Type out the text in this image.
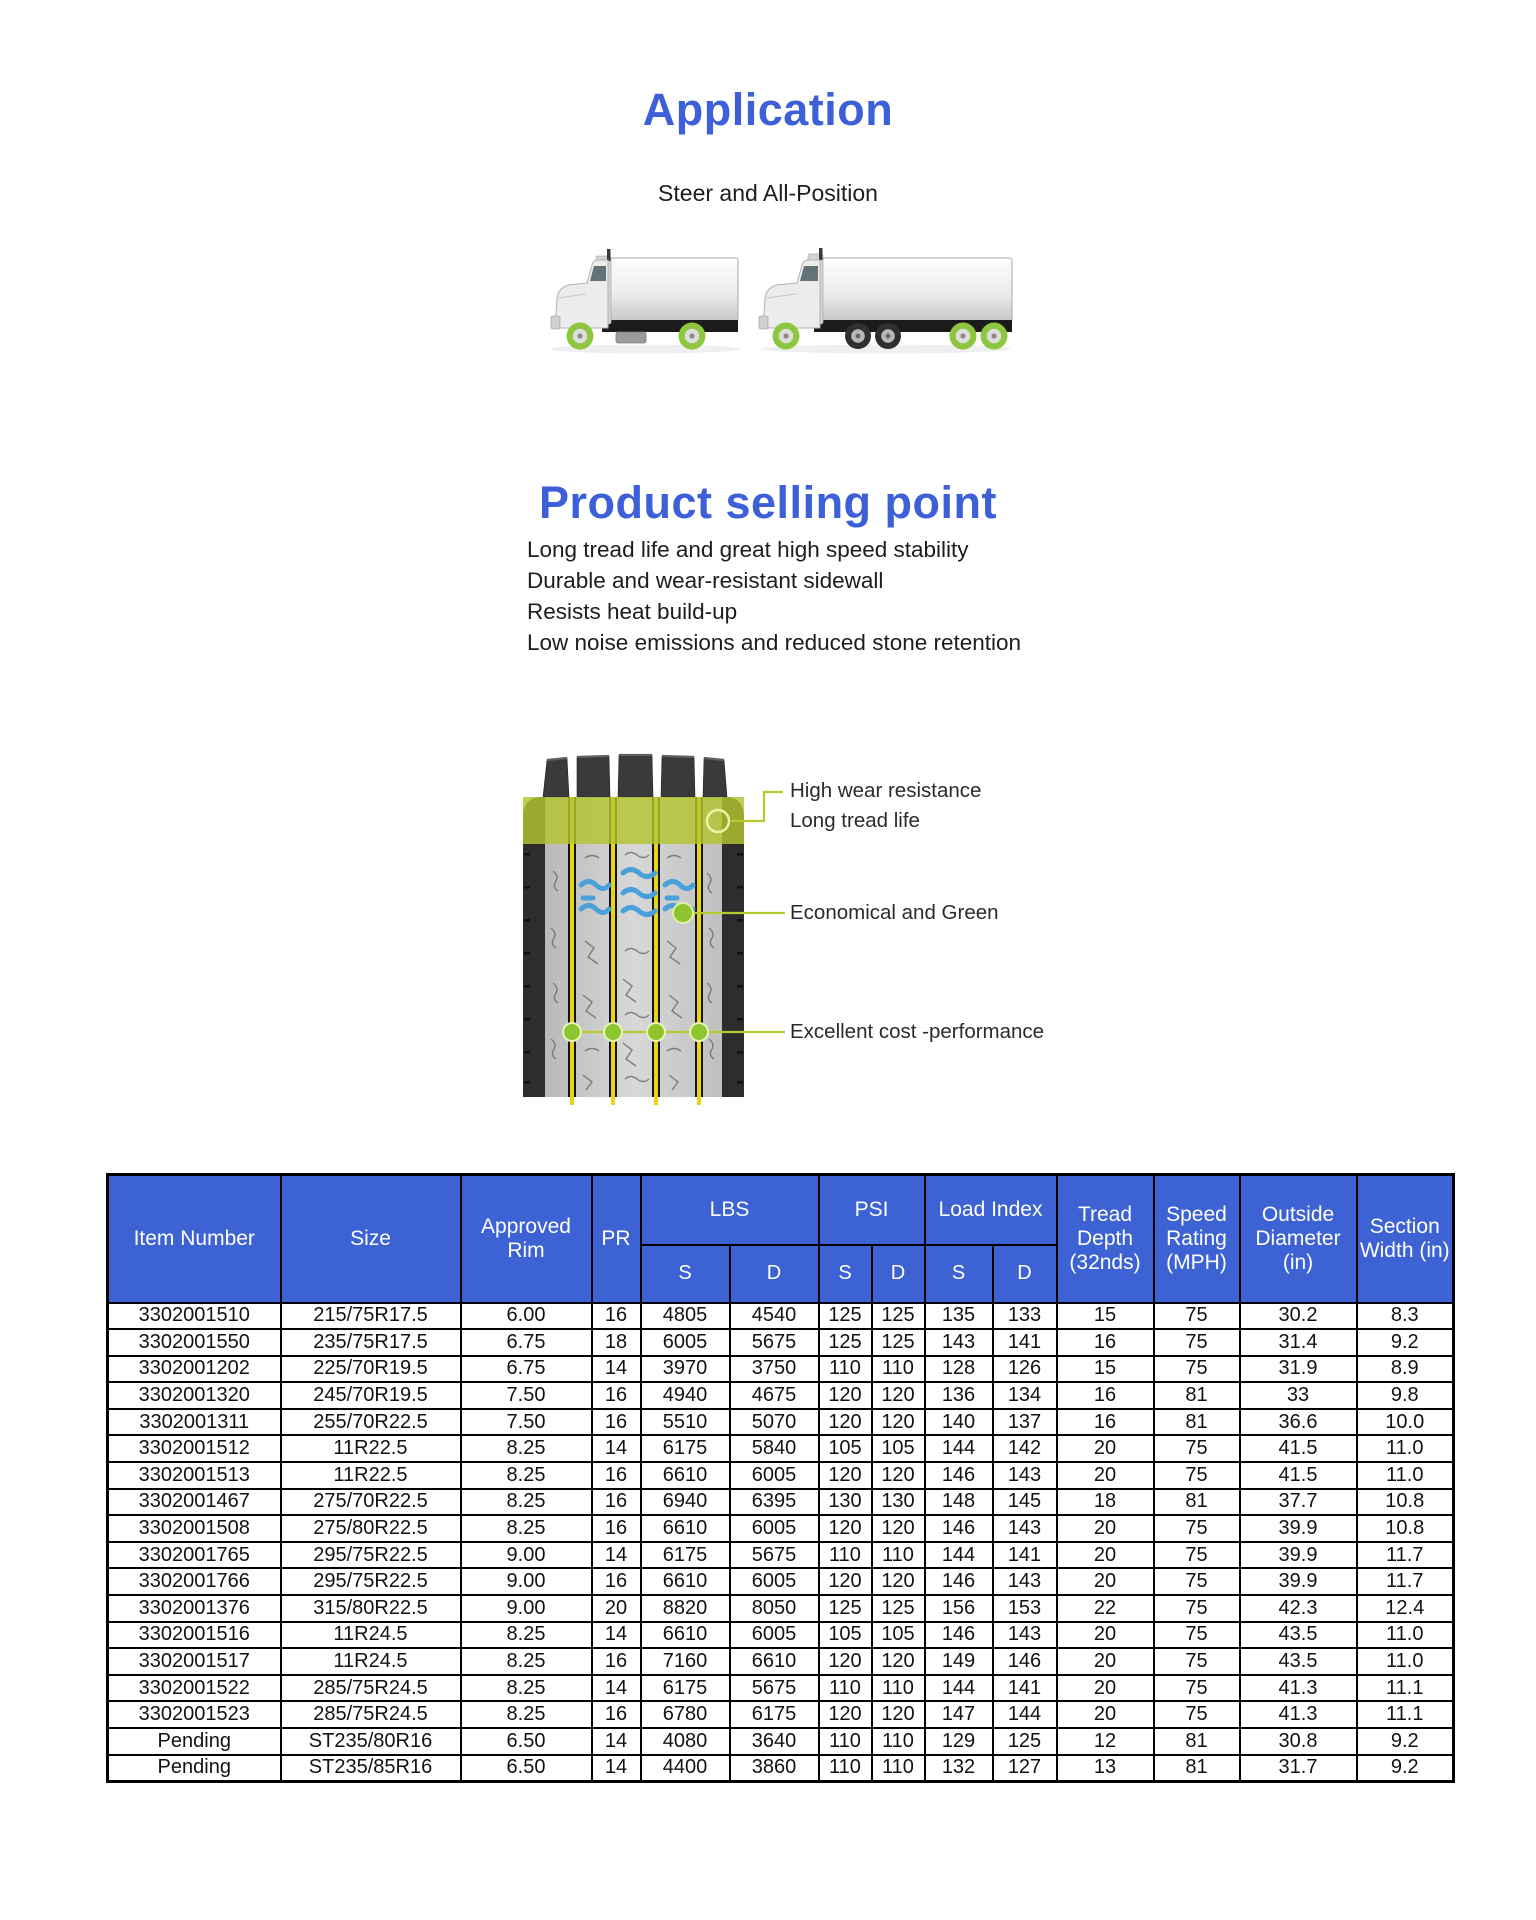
Application
Steer and All-Position
Product selling point
Long tread life and great high speed stability
Durable and wear-resistant sidewall
Resists heat build-up
Low noise emissions and reduced stone retention
High wear resistance
Long tread life
Economical and Green
Excellent cost -performance
Item Number	Size	Approved Rim	PR	LBS		PSI		Load Index		Tread Depth (32nds)	Speed Rating (MPH)	Outside Diameter (in)	Section Width (in)
				S	D	S	D	S	D				
3302001510	215/75R17.5	6.00	16	4805	4540	125	125	135	133	15	75	30.2	8.3
3302001550	235/75R17.5	6.75	18	6005	5675	125	125	143	141	16	75	31.4	9.2
3302001202	225/70R19.5	6.75	14	3970	3750	110	110	128	126	15	75	31.9	8.9
3302001320	245/70R19.5	7.50	16	4940	4675	120	120	136	134	16	81	33	9.8
3302001311	255/70R22.5	7.50	16	5510	5070	120	120	140	137	16	81	36.6	10.0
3302001512	11R22.5	8.25	14	6175	5840	105	105	144	142	20	75	41.5	11.0
3302001513	11R22.5	8.25	16	6610	6005	120	120	146	143	20	75	41.5	11.0
3302001467	275/70R22.5	8.25	16	6940	6395	130	130	148	145	18	81	37.7	10.8
3302001508	275/80R22.5	8.25	16	6610	6005	120	120	146	143	20	75	39.9	10.8
3302001765	295/75R22.5	9.00	14	6175	5675	110	110	144	141	20	75	39.9	11.7
3302001766	295/75R22.5	9.00	16	6610	6005	120	120	146	143	20	75	39.9	11.7
3302001376	315/80R22.5	9.00	20	8820	8050	125	125	156	153	22	75	42.3	12.4
3302001516	11R24.5	8.25	14	6610	6005	105	105	146	143	20	75	43.5	11.0
3302001517	11R24.5	8.25	16	7160	6610	120	120	149	146	20	75	43.5	11.0
3302001522	285/75R24.5	8.25	14	6175	5675	110	110	144	141	20	75	41.3	11.1
3302001523	285/75R24.5	8.25	16	6780	6175	120	120	147	144	20	75	41.3	11.1
Pending	ST235/80R16	6.50	14	4080	3640	110	110	129	125	12	81	30.8	9.2
Pending	ST235/85R16	6.50	14	4400	3860	110	110	132	127	13	81	31.7	9.2
